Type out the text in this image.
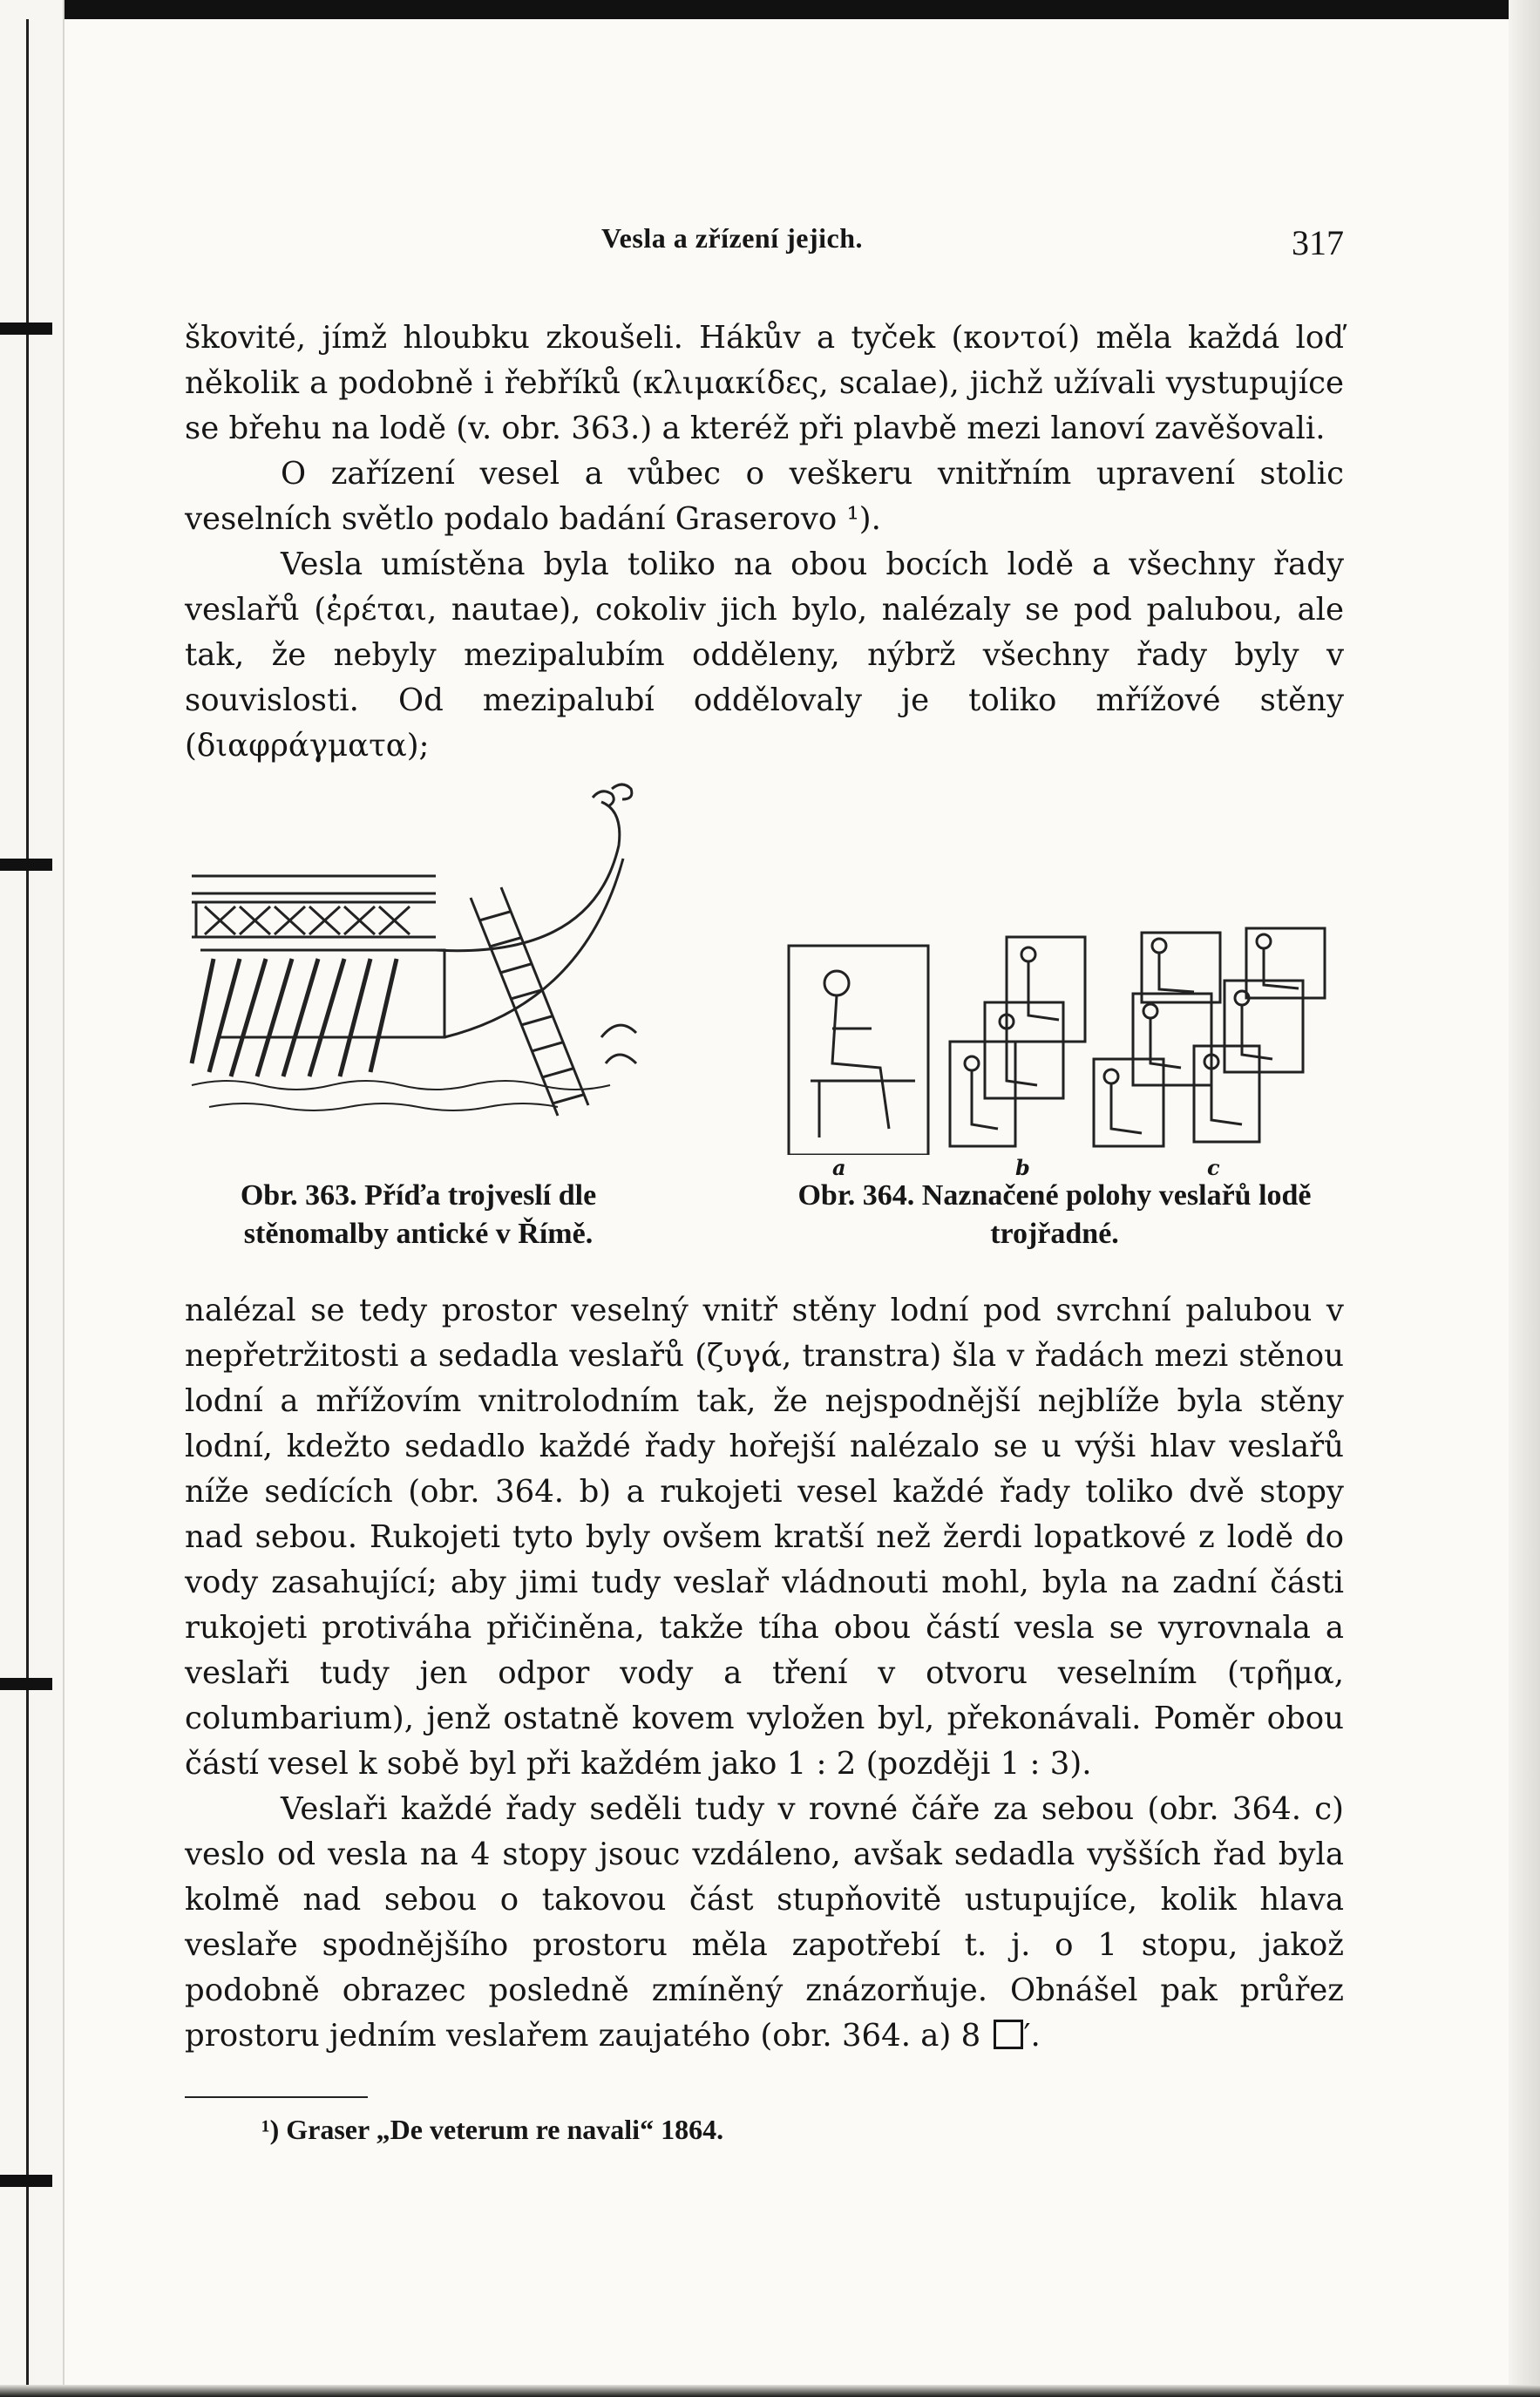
Vesla a zřízení jejich.	317

škovité, jímž hloubku zkoušeli. Hákův a tyček (κοντοί) měla každá loď několik a podobně i řebříků (κλιμακίδες, scalae), jichž užívali vystupujíce se břehu na lodě (v. obr. 363.) a kteréž při plavbě mezi lanoví zavěšovali.

O zařízení vesel a vůbec o veškeru vnitřním upravení stolic veselních světlo podalo badání Graserovo ¹).

Vesla umístěna byla toliko na obou bocích lodě a všechny řady veslařů (ἐρέται, nautae), cokoliv jich bylo, nalézaly se pod palubou, ale tak, že nebyly mezipalubím odděleny, nýbrž všechny řady byly v souvislosti. Od mezipalubí oddělovaly je toliko mřížové stěny (διαφράγματα);

Obr. 363. Příďa trojveslí dle
stěnomalby antické v Římě.
a	b	c
Obr. 364. Naznačené polohy veslařů lodě
trojřadné.

nalézal se tedy prostor veselný vnitř stěny lodní pod svrchní palubou v nepřetržitosti a sedadla veslařů (ζυγά, transtra) šla v řadách mezi stěnou lodní a mřížovím vnitrolodním tak, že nejspodnější nejblíže byla stěny lodní, kdežto sedadlo každé řady hořejší nalézalo se u výši hlav veslařů níže sedících (obr. 364. b) a rukojeti vesel každé řady toliko dvě stopy nad sebou. Rukojeti tyto byly ovšem kratší než žerdi lopatkové z lodě do vody zasahující; aby jimi tudy veslař vládnouti mohl, byla na zadní části rukojeti protiváha přičiněna, takže tíha obou částí vesla se vyrovnala a veslaři tudy jen odpor vody a tření v otvoru veselním (τρῆμα, columbarium), jenž ostatně kovem vyložen byl, překonávali. Poměr obou částí vesel k sobě byl při každém jako 1 : 2 (později 1 : 3).

Veslaři každé řady seděli tudy v rovné čáře za sebou (obr. 364. c) veslo od vesla na 4 stopy jsouc vzdáleno, avšak sedadla vyšších řad byla kolmě nad sebou o takovou část stupňovitě ustupujíce, kolik hlava veslaře spodnějšího prostoru měla zapotřebí t. j. o 1 stopu, jakož podobně obrazec posledně zmíněný znázorňuje. Obnášel pak průřez prostoru jedním veslařem zaujatého (obr. 364. a) 8 ′.

¹) Graser „De veterum re navali“ 1864.
